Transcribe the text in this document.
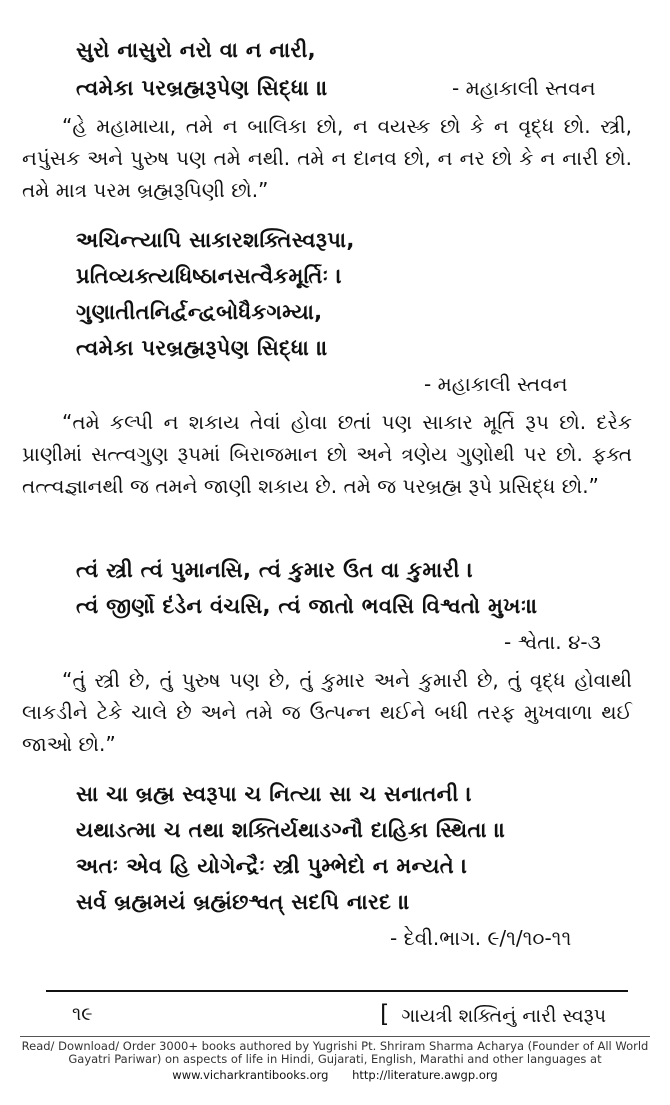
સુરો નાસુરો નરો વા ન નારી,
ત્વમેકા પરબ્રહ્મરૂપેણ સિદ્ધા ॥	- મહાકાલી સ્તવન
“હે મહામાયા, તમે ન બાલિકા છો, ન વયસ્ક છો કે ન વૃદ્ધ છો. સ્ત્રી, નપુંસક અને પુરુષ પણ તમે નથી. તમે ન દાનવ છો, ન નર છો કે ન નારી છો. તમે માત્ર પરમ બ્રહ્મરૂપિણી છો.”
અચિન્ત્યાપિ સાકારશક્તિસ્વરૂપા,
પ્રતિવ્યક્ત્યધિષ્ઠાનસત્વૈકમૂર્તિઃ ।
ગુણાતીતનિર્દ્વન્દ્વબોધૈકગમ્યા,
ત્વમેકા પરબ્રહ્મરૂપેણ સિદ્ધા ॥
- મહાકાલી સ્તવન
“તમે કલ્પી ન શકાય તેવાં હોવા છતાં પણ સાકાર મૂર્તિ રૂપ છો. દરેક પ્રાણીમાં સત્ત્વગુણ રૂપમાં બિરાજમાન છો અને ત્રણેય ગુણોથી પર છો. ફક્ત તત્ત્વજ્ઞાનથી જ તમને જાણી શકાય છે. તમે જ પરબ્રહ્મ રૂપે પ્રસિદ્ધ છો.”
ત્વં સ્ત્રી ત્વં પુમાનસિ, ત્વં કુમાર ઉત વા કુમારી ।
ત્વં જીર્ણો દંડેન વંચસિ, ત્વં જાતો ભવસિ વિશ્વતો મુખઃ॥
- શ્વેતા. ૪-૩
“તું સ્ત્રી છે, તું પુરુષ પણ છે, તું કુમાર અને કુમારી છે, તું વૃદ્ધ હોવાથી લાકડીને ટેકે ચાલે છે અને તમે જ ઉત્પન્ન થઈને બધી તરફ મુખવાળા થઈ જાઓ છો.”
સા ચા બ્રહ્મ સ્વરૂપા ચ નિત્યા સા ચ સનાતની ।
યથાડત્મા ચ તથા શક્તિર્યથાડગ્નૌ દાહિકા સ્થિતા ॥
અતઃ એવ હિ યોગેન્દ્રૈઃ સ્ત્રી પુમ્ભેદો ન મન્યતે ।
સર્વ બ્રહ્મમયં બ્રહ્મંછશ્વત્ સદપિ નારદ ॥
- દેવી.ભાગ. ૯/૧/૧૦-૧૧
૧૯	[ ગાયત્રી શક્તિનું નારી સ્વરૂપ
Read/ Download/ Order 3000+ books authored by Yugrishi Pt. Shriram Sharma Acharya (Founder of All World Gayatri Pariwar) on aspects of life in Hindi, Gujarati, English, Marathi and other languages at
www.vicharkrantibooks.org http://literature.awgp.org
